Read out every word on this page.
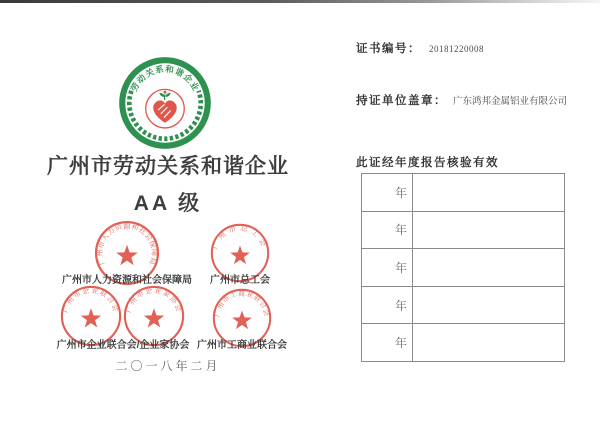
劳动关系和谐企业
广州市劳动关系和谐企业
AA 级
广州市人力资源和社会保障局
广州市总工会
广州市企业联合会 广州市企业家协会	广州市工商业联合会
广州市人力资源和社会保障局	广州市总工会
广州市企业联合会/企业家协会 广州市工商业联合会
二〇一八年二月
证书编号： 20181220008
持证单位盖章： 广东鸿邦金属铝业有限公司
此证经年度报告核验有效
年
年
年
年
年
